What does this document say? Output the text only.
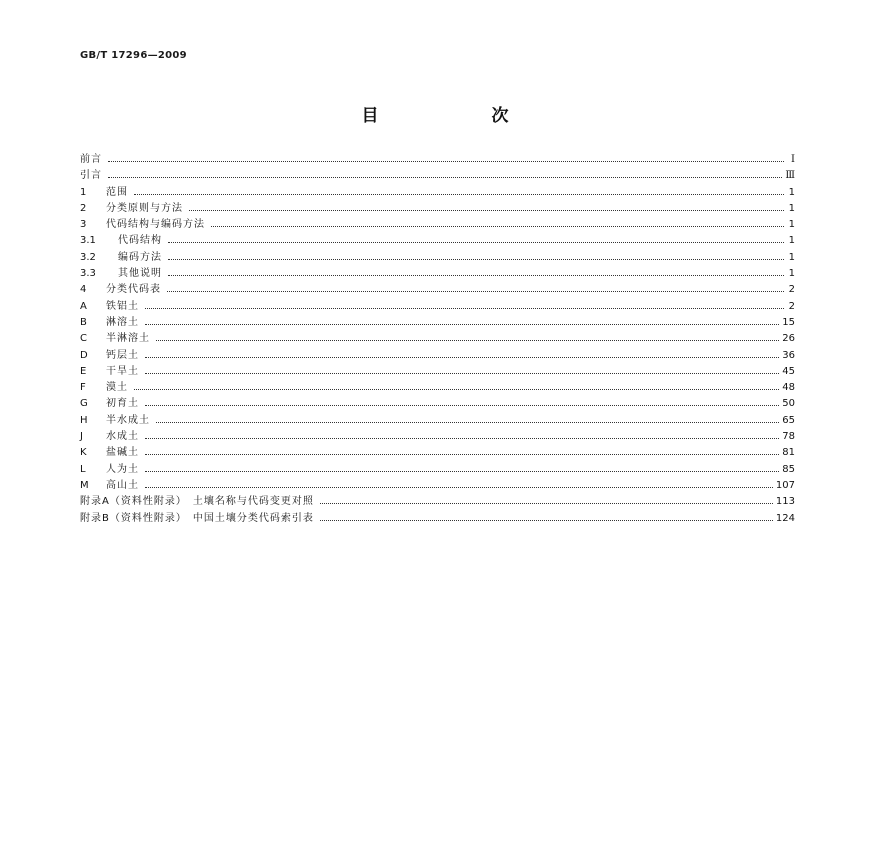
GB/T 17296—2009
目　次
前言	Ⅰ
引言	Ⅲ
1	范围	1
2	分类原则与方法	1
3	代码结构与编码方法	1
3.1	代码结构	1
3.2	编码方法	1
3.3	其他说明	1
4	分类代码表	2
A	铁铝土	2
B	淋溶土	15
C	半淋溶土	26
D	钙层土	36
E	干旱土	45
F	漠土	48
G	初育土	50
H	半水成土	65
J	水成土	78
K	盐碱土	81
L	人为土	85
M	高山土	107
附录A（资料性附录）　土壤名称与代码变更对照	113
附录B（资料性附录）　中国土壤分类代码索引表	124
